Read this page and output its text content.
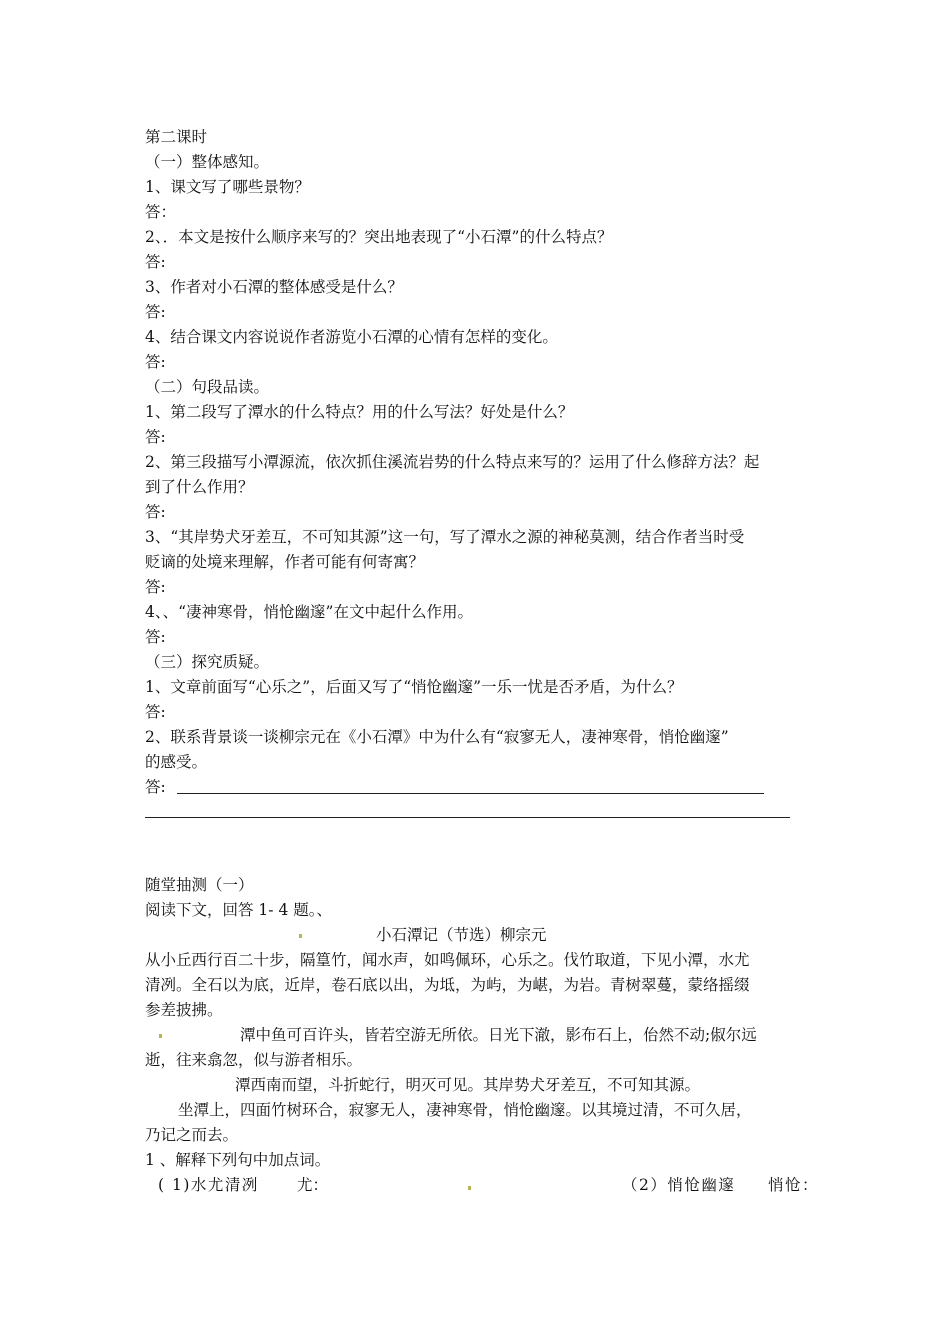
第二课时
（一）整体感知。
1、课文写了哪些景物？
答：
2、．本文是按什么顺序来写的？突出地表现了“小石潭”的什么特点？
答:
3、作者对小石潭的整体感受是什么？
答:
4、结合课文内容说说作者游览小石潭的心情有怎样的变化。
答:
（二）句段品读。
1、第二段写了潭水的什么特点？用的什么写法？好处是什么？
答:
2、第三段描写小潭源流，依次抓住溪流岩势的什么特点来写的？运用了什么修辞方法？起
到了什么作用？
答:
3、“其岸势犬牙差互，不可知其源”这一句，写了潭水之源的神秘莫测，结合作者当时受
贬谪的处境来理解，作者可能有何寄寓？
答:
4、、“凄神寒骨，悄怆幽邃”在文中起什么作用。
答:
（三）探究质疑。
1、文章前面写“心乐之”，后面又写了“悄怆幽邃”一乐一忧是否矛盾，为什么？
答:
2、联系背景谈一谈柳宗元在《小石潭》中为什么有“寂寥无人，凄神寒骨，悄怆幽邃”
的感受。
答:
随堂抽测（一）
阅读下文，回答 1- 4 题。、
小石潭记（节选）柳宗元
从小丘西行百二十步，隔篁竹，闻水声，如鸣佩环，心乐之。伐竹取道，下见小潭，水尤
清冽。全石以为底，近岸，卷石底以出，为坻，为屿，为嵁，为岩。青树翠蔓，蒙络摇缀
参差披拂。
潭中鱼可百许头，皆若空游无所依。日光下澈，影布石上，佁然不动;俶尔远
逝，往来翕忽，似与游者相乐。
潭西南而望，斗折蛇行，明灭可见。其岸势犬牙差互，不可知其源。
坐潭上，四面竹树环合，寂寥无人，凄神寒骨，悄怆幽邃。以其境过清，不可久居，
乃记之而去。
1 、解释下列句中加点词。
( 1)水尤清冽 尤：	（2）悄怆幽邃 悄怆：
